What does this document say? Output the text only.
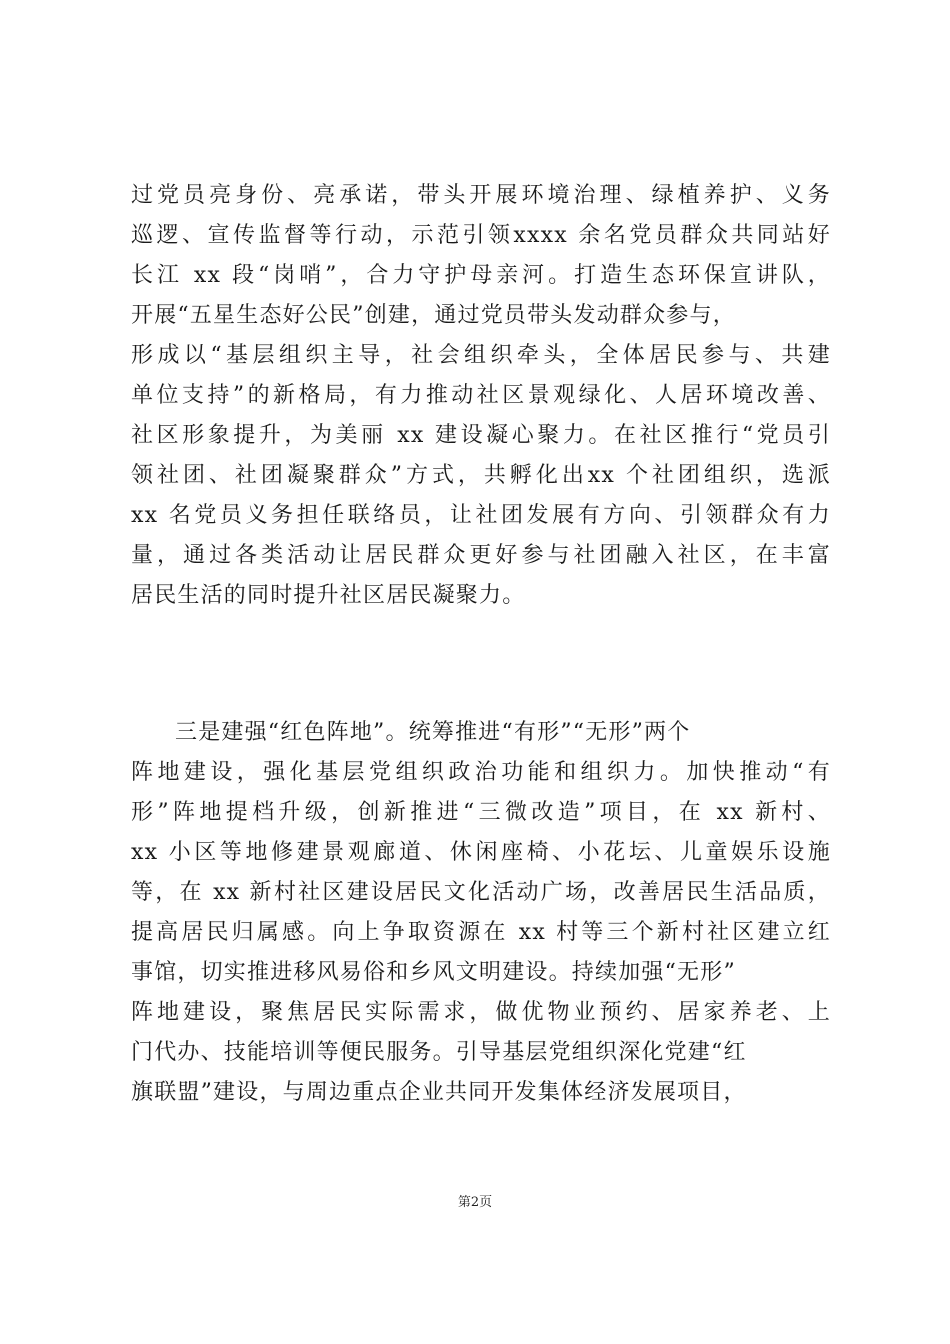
过党员亮身份、亮承诺，带头开展环境治理、绿植养护、义务
巡逻、宣传监督等行动，示范引领xxxx 余名党员群众共同站好
长江 xx 段“岗哨”，合力守护母亲河。打造生态环保宣讲队，
开展“五星生态好公民”创建，通过党员带头发动群众参与，
形成以“基层组织主导，社会组织牵头，全体居民参与、共建
单位支持”的新格局，有力推动社区景观绿化、人居环境改善、
社区形象提升，为美丽 xx 建设凝心聚力。在社区推行“党员引
领社团、社团凝聚群众”方式，共孵化出xx 个社团组织，选派
xx 名党员义务担任联络员，让社团发展有方向、引领群众有力
量，通过各类活动让居民群众更好参与社团融入社区，在丰富
居民生活的同时提升社区居民凝聚力。
三是建强“红色阵地”。统筹推进“有形”“无形”两个
阵地建设，强化基层党组织政治功能和组织力。加快推动“有
形”阵地提档升级，创新推进“三微改造”项目，在 xx 新村、
xx 小区等地修建景观廊道、休闲座椅、小花坛、儿童娱乐设施
等，在 xx 新村社区建设居民文化活动广场，改善居民生活品质，
提高居民归属感。向上争取资源在 xx 村等三个新村社区建立红
事馆，切实推进移风易俗和乡风文明建设。持续加强“无形”
阵地建设，聚焦居民实际需求，做优物业预约、居家养老、上
门代办、技能培训等便民服务。引导基层党组织深化党建“红
旗联盟”建设，与周边重点企业共同开发集体经济发展项目，
第2页
